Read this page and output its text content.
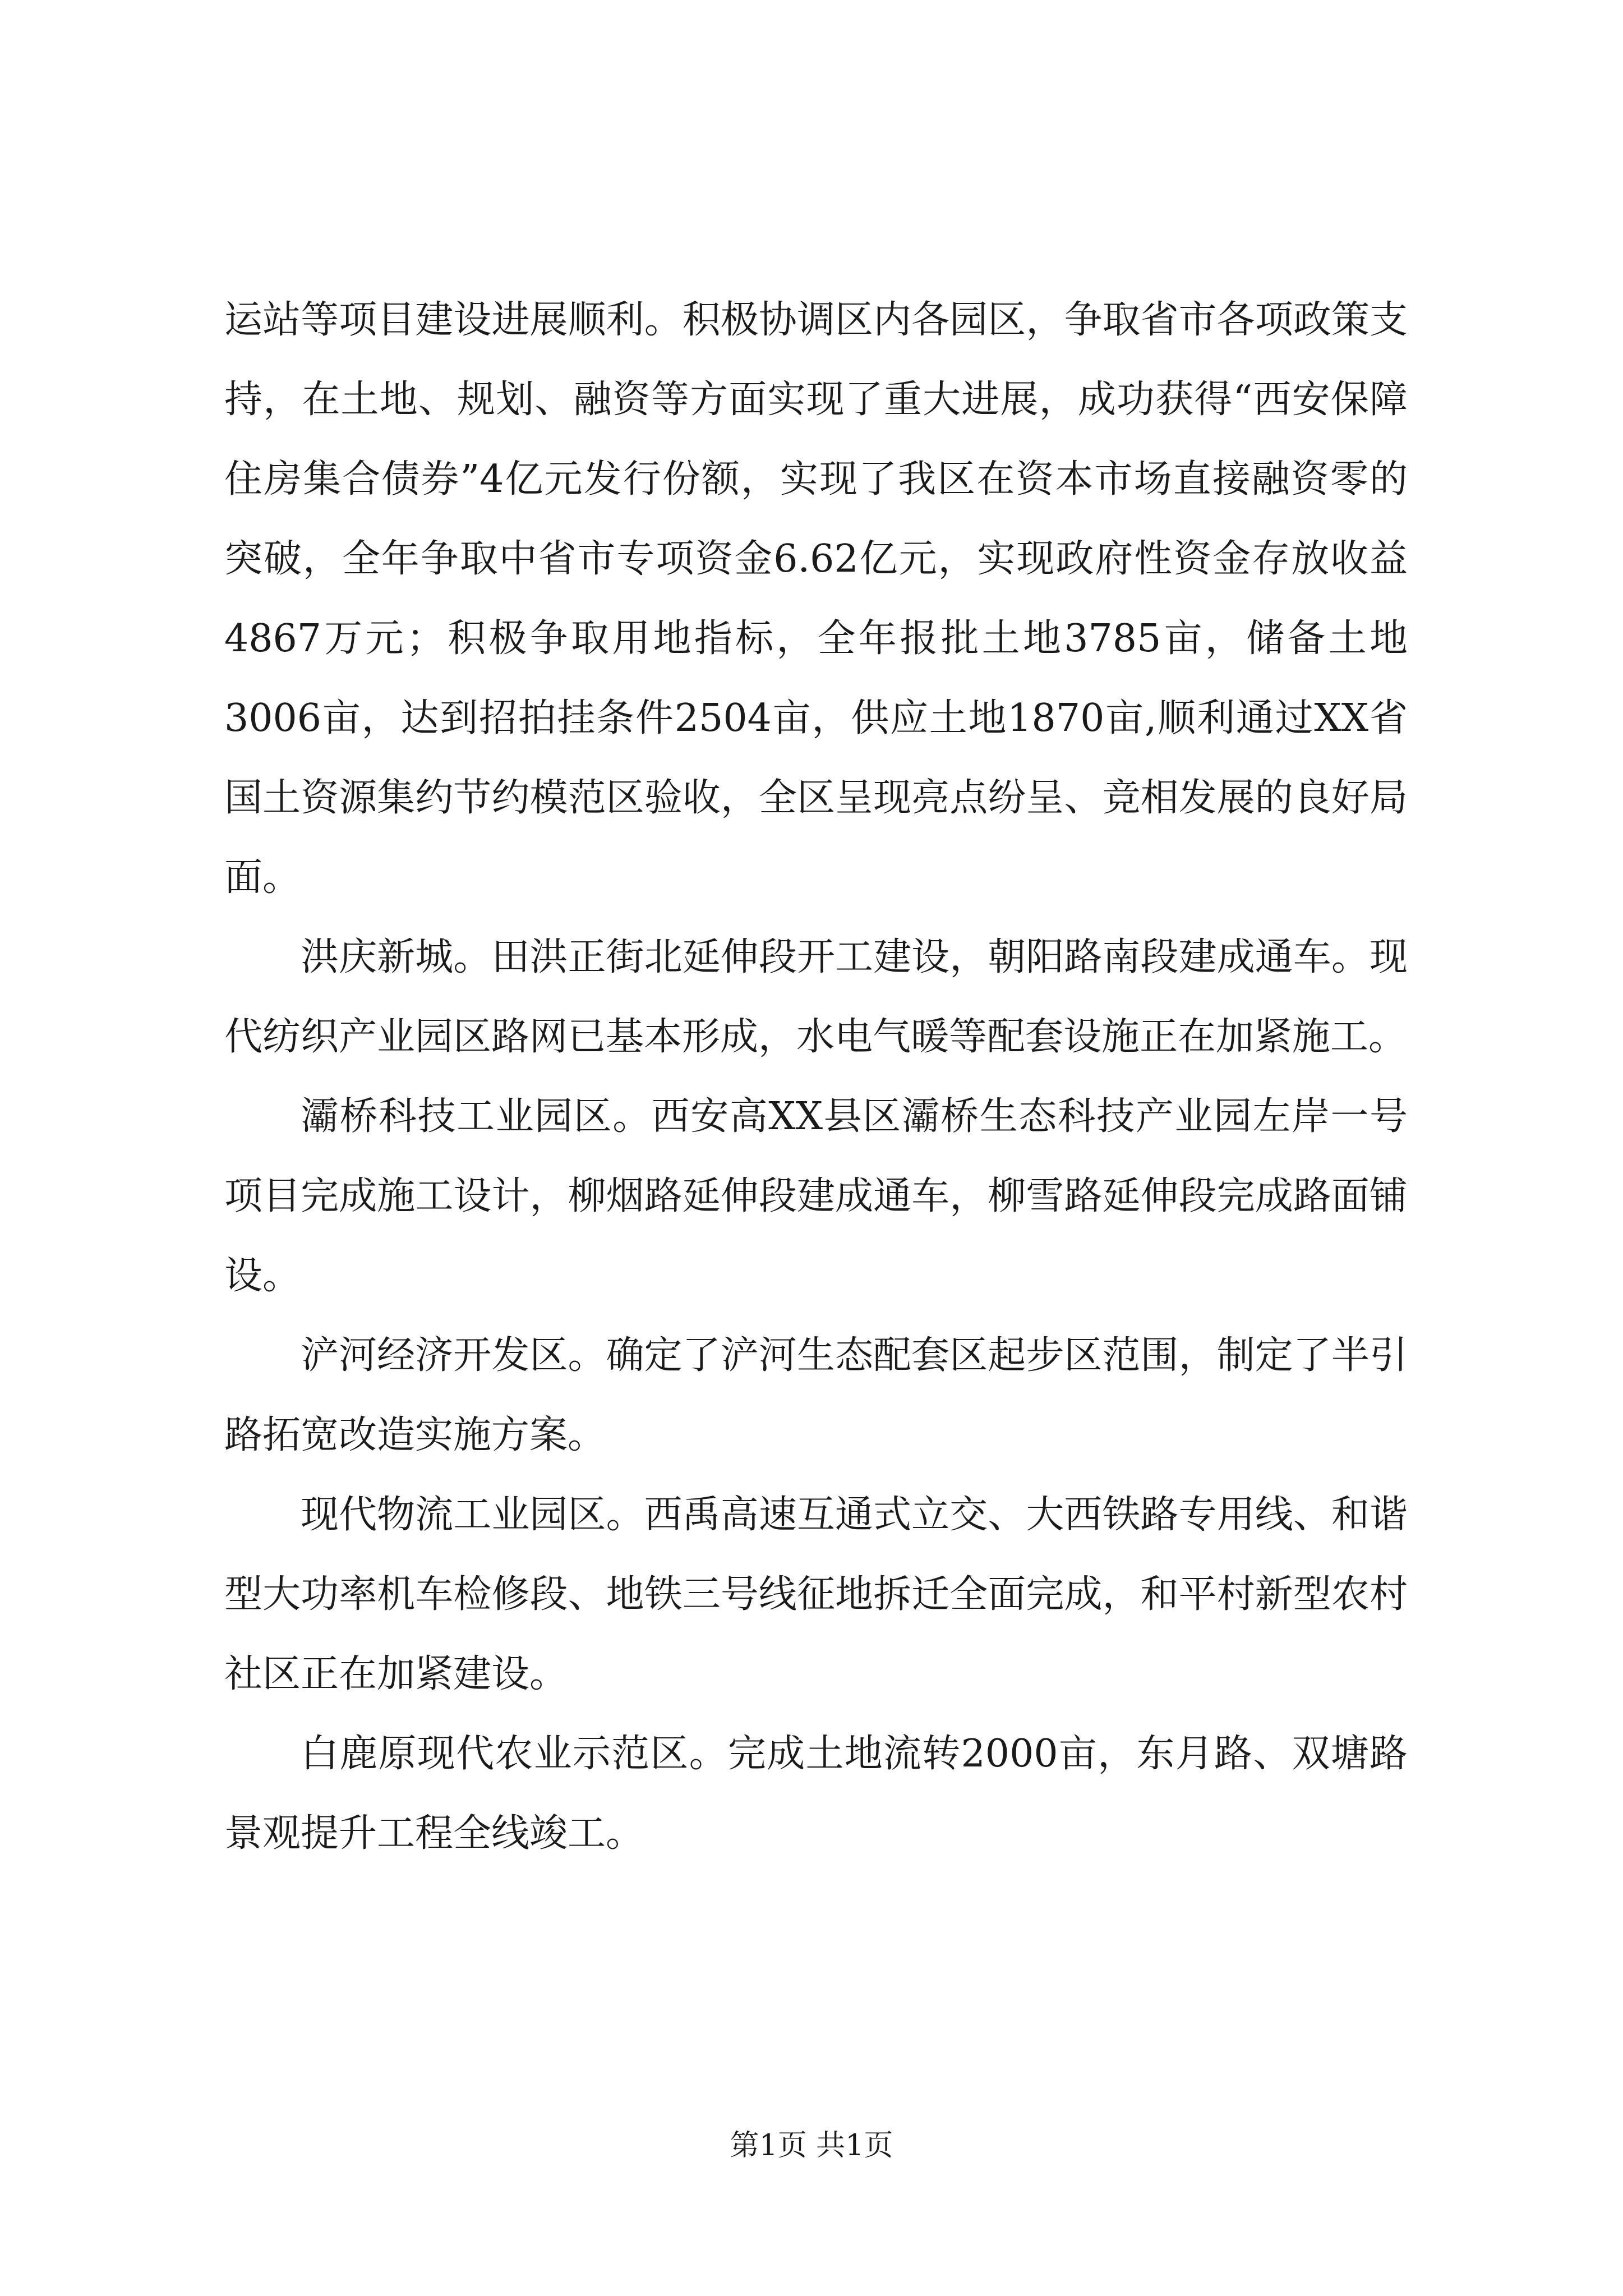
运站等项目建设进展顺利。积极协调区内各园区，争取省市各项政策支持，在土地、规划、融资等方面实现了重大进展，成功获得“西安保障住房集合债券”4亿元发行份额，实现了我区在资本市场直接融资零的突破，全年争取中省市专项资金6.62亿元，实现政府性资金存放收益4867万元；积极争取用地指标，全年报批土地3785亩，储备土地3006亩，达到招拍挂条件2504亩，供应土地1870亩,顺利通过XX省国土资源集约节约模范区验收，全区呈现亮点纷呈、竞相发展的良好局面。

洪庆新城。田洪正街北延伸段开工建设，朝阳路南段建成通车。现代纺织产业园区路网已基本形成，水电气暖等配套设施正在加紧施工。

灞桥科技工业园区。西安高XX县区灞桥生态科技产业园左岸一号项目完成施工设计，柳烟路延伸段建成通车，柳雪路延伸段完成路面铺设。

浐河经济开发区。确定了浐河生态配套区起步区范围，制定了半引路拓宽改造实施方案。

现代物流工业园区。西禹高速互通式立交、大西铁路专用线、和谐型大功率机车检修段、地铁三号线征地拆迁全面完成，和平村新型农村社区正在加紧建设。

白鹿原现代农业示范区。完成土地流转2000亩，东月路、双塘路景观提升工程全线竣工。

第1页 共1页
